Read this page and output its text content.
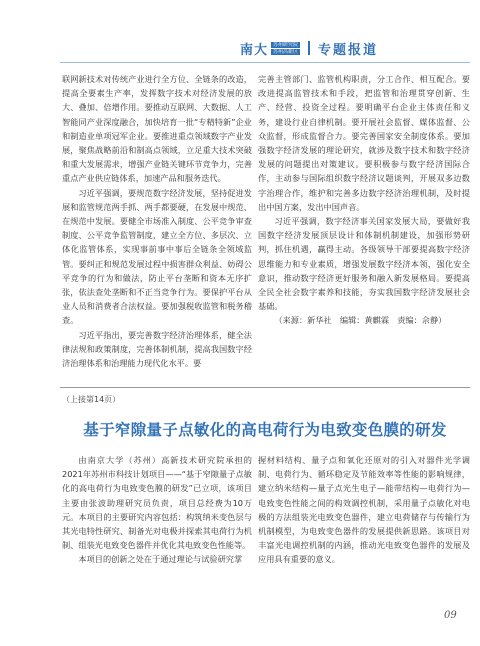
南大	苏州研究院
苏州高新区 专题报道

联网新技术对传统产业进行全方位、全链条的改造，提高全要素生产率，发挥数字技术对经济发展的放大、叠加、倍增作用。要推动互联网、大数据、人工智能同产业深度融合，加快培育一批“专精特新”企业和制造业单项冠军企业。要推进重点领域数字产业发展，聚焦战略前沿和制高点领域，立足重大技术突破和重大发展需求，增强产业链关键环节竞争力，完善重点产业供应链体系，加速产品和服务迭代。

习近平强调，要规范数字经济发展，坚持促进发展和监管规范两手抓、两手都要硬，在发展中规范、在规范中发展。要健全市场准入制度、公平竞争审查制度、公平竞争监管制度，建立全方位、多层次、立体化监管体系，实现事前事中事后全链条全领域监管。要纠正和规范发展过程中损害群众利益、妨碍公平竞争的行为和做法，防止平台垄断和资本无序扩张，依法查处垄断和不正当竞争行为。要保护平台从业人员和消费者合法权益。要加强税收监管和税务稽查。

习近平指出，要完善数字经济治理体系，健全法律法规和政策制度，完善体制机制，提高我国数字经济治理体系和治理能力现代化水平。要

完善主管部门、监管机构职责，分工合作、相互配合。要改进提高监管技术和手段，把监管和治理贯穿创新、生产、经营、投资全过程。要明确平台企业主体责任和义务，建设行业自律机制。要开展社会监督、媒体监督、公众监督，形成监督合力。要完善国家安全制度体系。要加强数字经济发展的理论研究，就涉及数字技术和数字经济发展的问题提出对策建议。要积极参与数字经济国际合作，主动参与国际组织数字经济议题谈判，开展双多边数字治理合作，维护和完善多边数字经济治理机制，及时提出中国方案，发出中国声音。

习近平强调，数字经济事关国家发展大局，要做好我国数字经济发展顶层设计和体制机制建设，加强形势研判，抓住机遇，赢得主动。各级领导干部要提高数字经济思维能力和专业素质，增强发展数字经济本领，强化安全意识，推动数字经济更好服务和融入新发展格局。要提高全民全社会数字素养和技能，夯实我国数字经济发展社会基础。

（来源：新华社　编辑：黄麒霖　责编：佘静）

（上接第14页）
基于窄隙量子点敏化的高电荷行为电致变色膜的研发

由南京大学（苏州）高新技术研究院承担的2021年苏州市科技计划项目——“基于窄隙量子点敏化的高电荷行为电致变色膜的研发”已立项，该项目主要由张波助理研究员负责，项目总经费为10万元。本项目的主要研究内容包括：构筑纳米变色层与其光电特性研究、制备光对电极并探索其电荷行为机制、组装光电致变色器件并优化其电致变色性能等。

本项目的创新之处在于通过理论与试验研究掌

握材料结构、量子点和氧化还原对的引入对器件光学调制、电荷行为、循环稳定及节能效率等性能的影响规律，建立纳米结构—量子点光生电子—能带结构—电荷行为—电致变色性能之间的构效调控机制，采用量子点敏化对电极的方法组装光电致变色器件，建立电荷储存与传输行为机制模型，为电致变色器件的发展提供新思路。该项目对丰富光电调控机制的内涵，推动光电致变色器件的发展及应用具有重要的意义。

09
